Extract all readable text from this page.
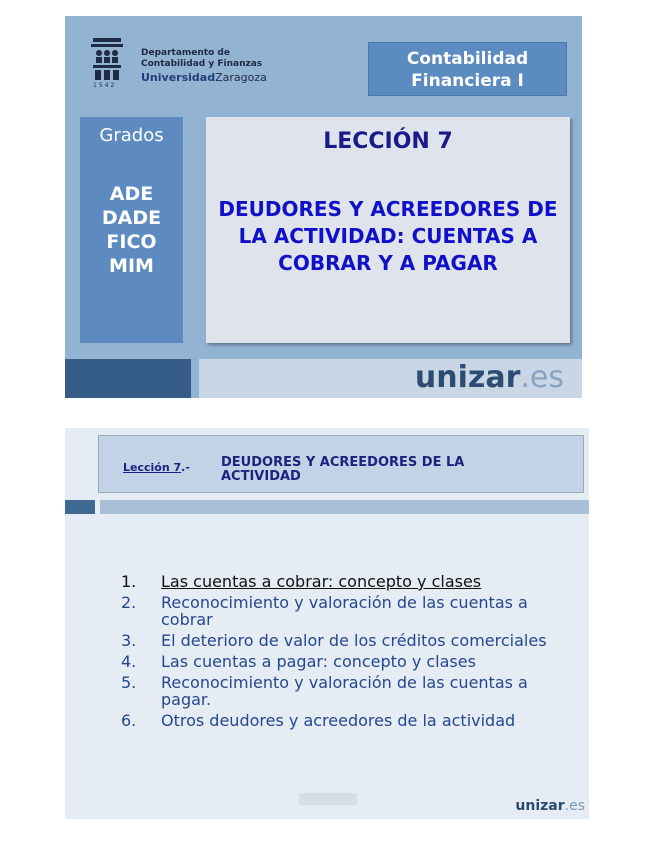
1542
Departamento de
Contabilidad y Finanzas
UniversidadZaragoza
Contabilidad Financiera I
Grados
ADE
DADE
FICO
MIM
LECCIÓN 7
DEUDORES Y ACREEDORES DE LA ACTIVIDAD: CUENTAS A COBRAR Y A PAGAR
unizar.es
Lección 7.- DEUDORES Y ACREEDORES DE LA ACTIVIDAD
1.	Las cuentas a cobrar: concepto y clases
2.	Reconocimiento y valoración de las cuentas a cobrar
3.	El deterioro de valor de los créditos comerciales
4.	Las cuentas a pagar: concepto y clases
5.	Reconocimiento y valoración de las cuentas a pagar.
6.	Otros deudores y acreedores de la actividad
unizar.es
